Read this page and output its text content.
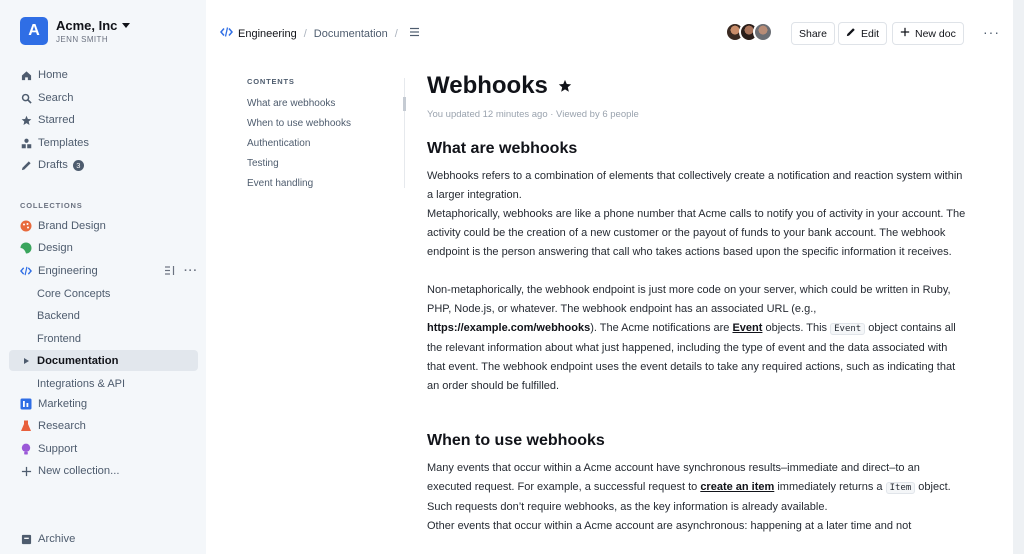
A	Acme, Inc
JENN SMITH
Home
Search
Starred
Templates
Drafts	3
COLLECTIONS
Brand Design
Design
Engineering	···
Core Concepts
Backend
Frontend
Documentation
Integrations & API
Marketing
Research
Support
New collection...
Archive
Engineering / Documentation /	Share	Edit	New doc ···
CONTENTS
What are webhooks
When to use webhooks
Authentication
Testing
Event handling
Webhooks
You updated 12 minutes ago · Viewed by 6 people
What are webhooks
Webhooks refers to a combination of elements that collectively create a notification and reaction system within a larger integration.
Metaphorically, webhooks are like a phone number that Acme calls to notify you of activity in your account. The activity could be the creation of a new customer or the payout of funds to your bank account. The webhook endpoint is the person answering that call who takes actions based upon the specific information it receives.
Non-metaphorically, the webhook endpoint is just more code on your server, which could be written in Ruby, PHP, Node.js, or whatever. The webhook endpoint has an associated URL (e.g., https://example.com/webhooks). The Acme notifications are Event objects. This Event object contains all the relevant information about what just happened, including the type of event and the data associated with that event. The webhook endpoint uses the event details to take any required actions, such as indicating that an order should be fulfilled.
When to use webhooks
Many events that occur within a Acme account have synchronous results–immediate and direct–to an executed request. For example, a successful request to create an item immediately returns a Item object. Such requests don’t require webhooks, as the key information is already available.
Other events that occur within a Acme account are asynchronous: happening at a later time and not
